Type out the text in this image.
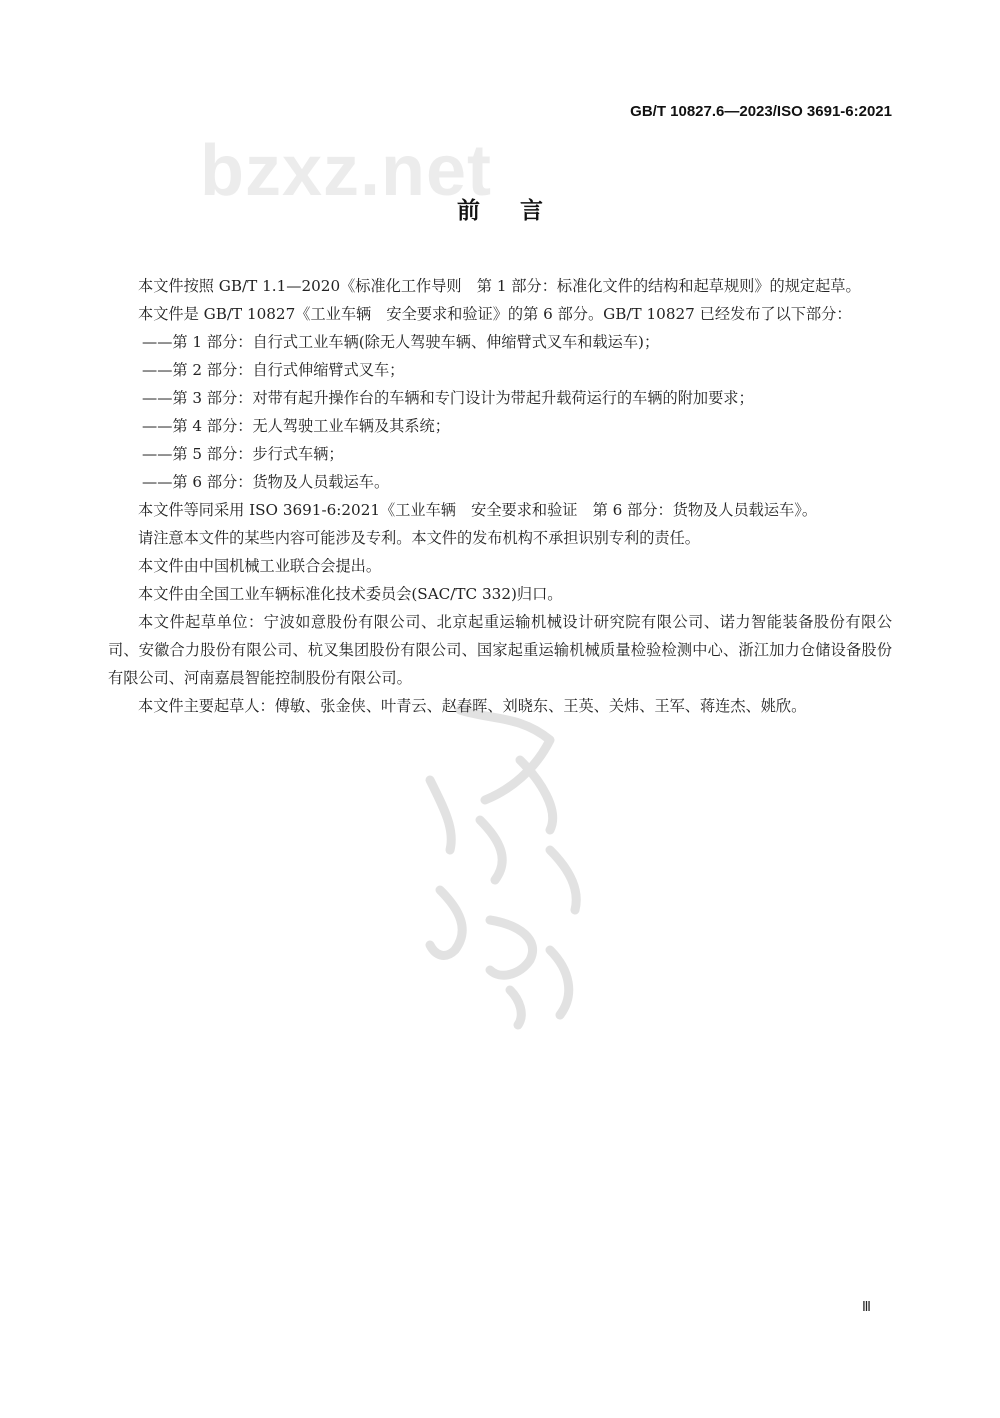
GB/T 10827.6—2023/ISO 3691-6:2021
bzxz.net
前言

本文件按照 GB/T 1.1—2020《标准化工作导则　第 1 部分：标准化文件的结构和起草规则》的规定起草。

本文件是 GB/T 10827《工业车辆　安全要求和验证》的第 6 部分。GB/T 10827 已经发布了以下部分：

——第 1 部分：自行式工业车辆(除无人驾驶车辆、伸缩臂式叉车和载运车)；

——第 2 部分：自行式伸缩臂式叉车；

——第 3 部分：对带有起升操作台的车辆和专门设计为带起升载荷运行的车辆的附加要求；

——第 4 部分：无人驾驶工业车辆及其系统；

——第 5 部分：步行式车辆；

——第 6 部分：货物及人员载运车。

本文件等同采用 ISO 3691-6:2021《工业车辆　安全要求和验证　第 6 部分：货物及人员载运车》。

请注意本文件的某些内容可能涉及专利。本文件的发布机构不承担识别专利的责任。

本文件由中国机械工业联合会提出。

本文件由全国工业车辆标准化技术委员会(SAC/TC 332)归口。

本文件起草单位：宁波如意股份有限公司、北京起重运输机械设计研究院有限公司、诺力智能装备股份有限公司、安徽合力股份有限公司、杭叉集团股份有限公司、国家起重运输机械质量检验检测中心、浙江加力仓储设备股份有限公司、河南嘉晨智能控制股份有限公司。

本文件主要起草人：傅敏、张金侠、叶青云、赵春晖、刘晓东、王英、关炜、王军、蒋连杰、姚欣。

Ⅲ
